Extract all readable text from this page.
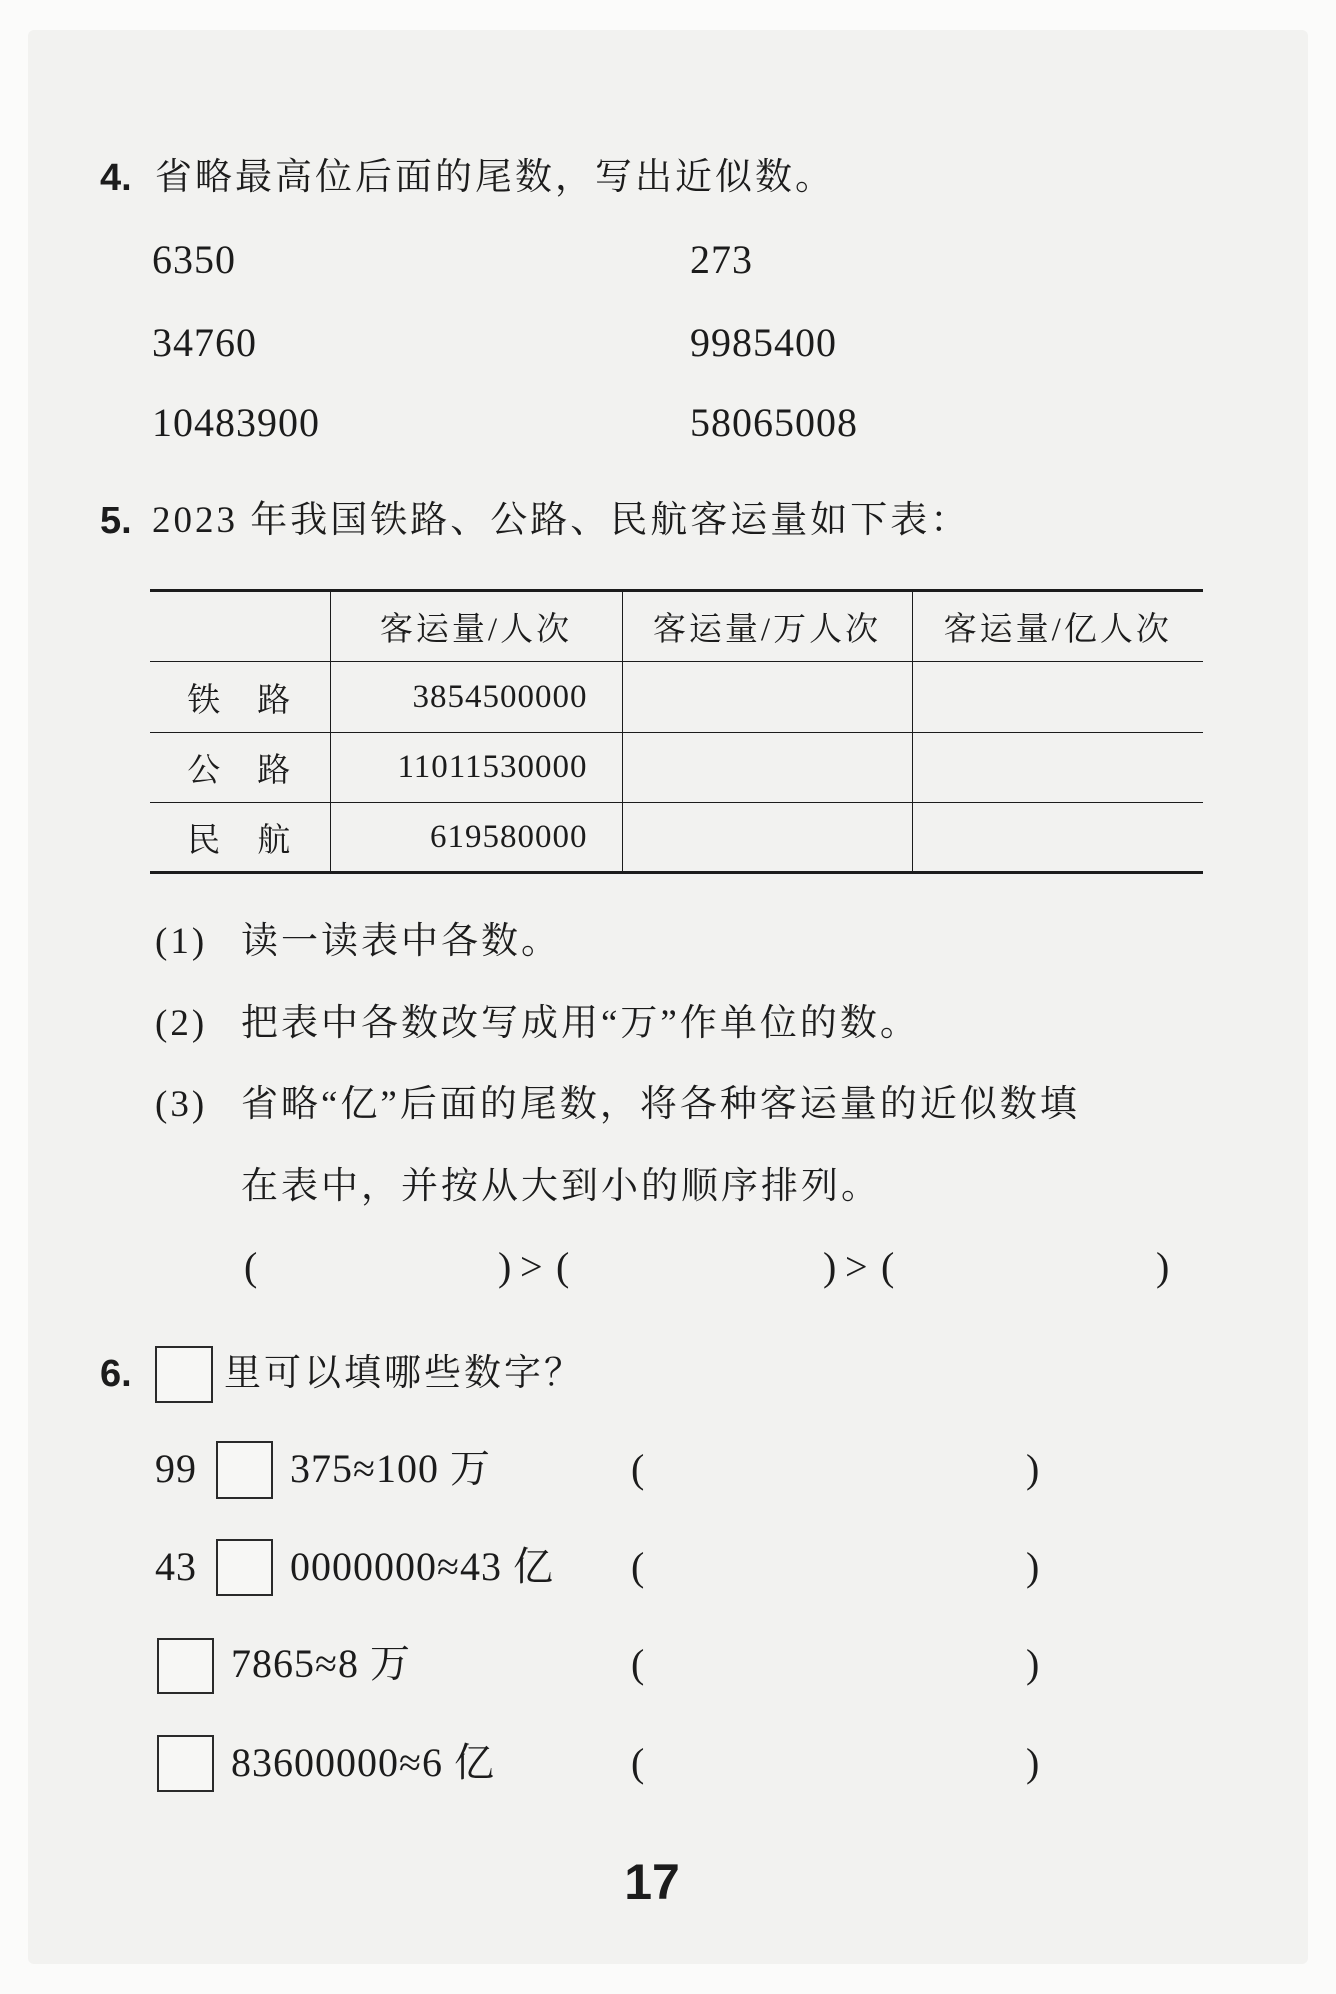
4. 省略最高位后面的尾数，写出近似数。
6350	273
34760	9985400
10483900	58065008
5. 2023 年我国铁路、公路、民航客运量如下表：
	客运量/人次	客运量/万人次	客运量/亿人次
铁　路	3854500000		
公　路	11011530000		
民　航	619580000		
(1) 读一读表中各数。
(2) 把表中各数改写成用“万”作单位的数。
(3) 省略“亿”后面的尾数，将各种客运量的近似数填
在表中，并按从大到小的顺序排列。
(	) > (	) > (	)
6. 里可以填哪些数字？
99 375≈100 万	(	)
43 0000000≈43 亿 (	)
7865≈8 万	(	)
83600000≈6 亿	(	)
17
